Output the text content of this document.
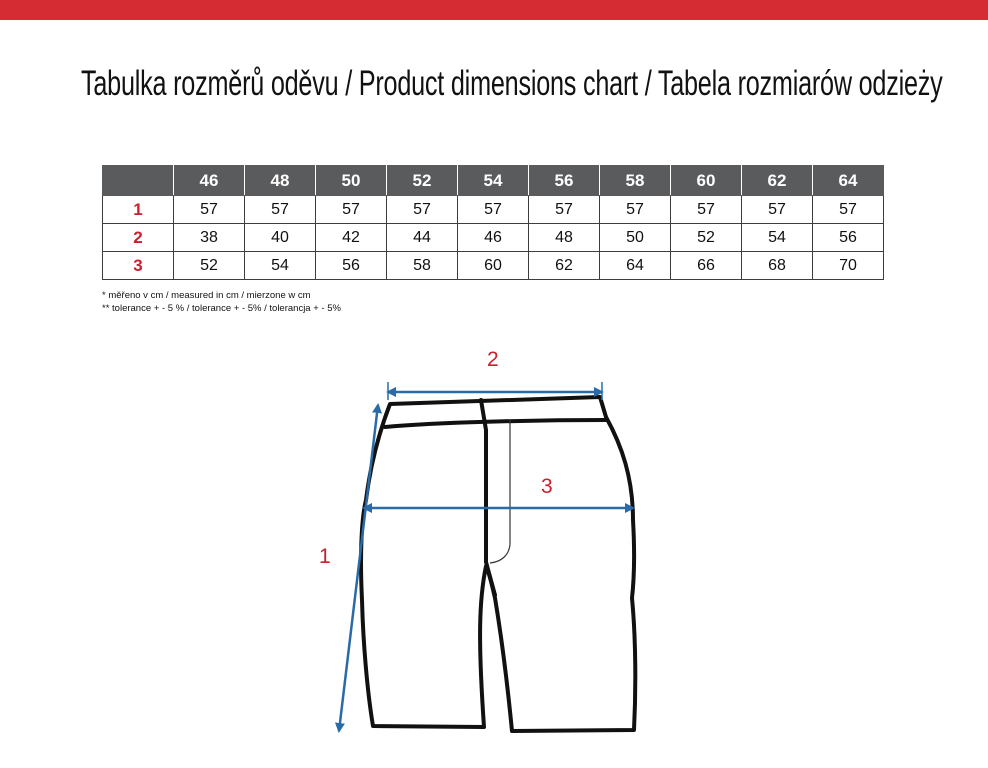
Tabulka rozměrů oděvu / Product dimensions chart / Tabela rozmiarów odzieży
	46	48	50	52	54	56	58	60	62	64
1	57	57	57	57	57	57	57	57	57	57
2	38	40	42	44	46	48	50	52	54	56
3	52	54	56	58	60	62	64	66	68	70
* měřeno v cm / measured in cm / mierzone w cm
** tolerance + - 5 % / tolerance + - 5% / tolerancja + - 5%
1
2
3
